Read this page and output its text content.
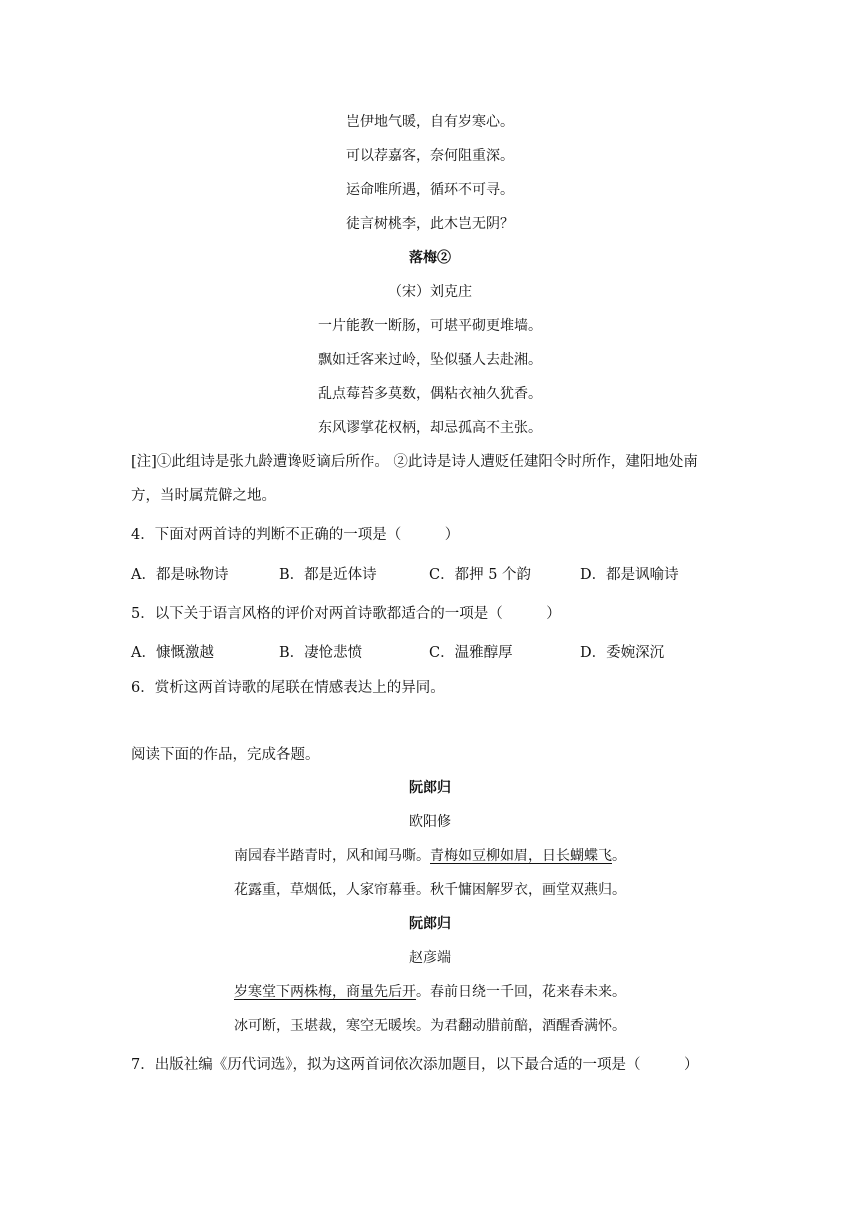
岂伊地气暖，自有岁寒心。
可以荐嘉客，奈何阻重深。
运命唯所遇，循环不可寻。
徒言树桃李，此木岂无阴？
落梅②
（宋）刘克庄
一片能教一断肠，可堪平砌更堆墙。
飘如迁客来过岭，坠似骚人去赴湘。
乱点莓苔多莫数，偶粘衣袖久犹香。
东风谬掌花权柄，却忌孤高不主张。
[注]①此组诗是张九龄遭谗贬谪后所作。 ②此诗是诗人遭贬任建阳令时所作，建阳地处南
方，当时属荒僻之地。
4．下面对两首诗的判断不正确的一项是（　　　）
A．都是咏物诗	B．都是近体诗	C．都押 5 个韵	D．都是讽喻诗
5．以下关于语言风格的评价对两首诗歌都适合的一项是（　　　）
A．慷慨激越	B．凄怆悲愤	C．温雅醇厚	D．委婉深沉
6．赏析这两首诗歌的尾联在情感表达上的异同。
阅读下面的作品，完成各题。
阮郎归
欧阳修
南园春半踏青时，风和闻马嘶。青梅如豆柳如眉，日长蝴蝶飞。
花露重，草烟低，人家帘幕垂。秋千慵困解罗衣，画堂双燕归。
阮郎归
赵彦端
岁寒堂下两株梅，商量先后开。春前日绕一千回，花来春未来。
冰可断，玉堪裁，寒空无暖埃。为君翻动腊前醅，酒醒香满怀。
7．出版社编《历代词选》，拟为这两首词依次添加题目，以下最合适的一项是（　　　）
